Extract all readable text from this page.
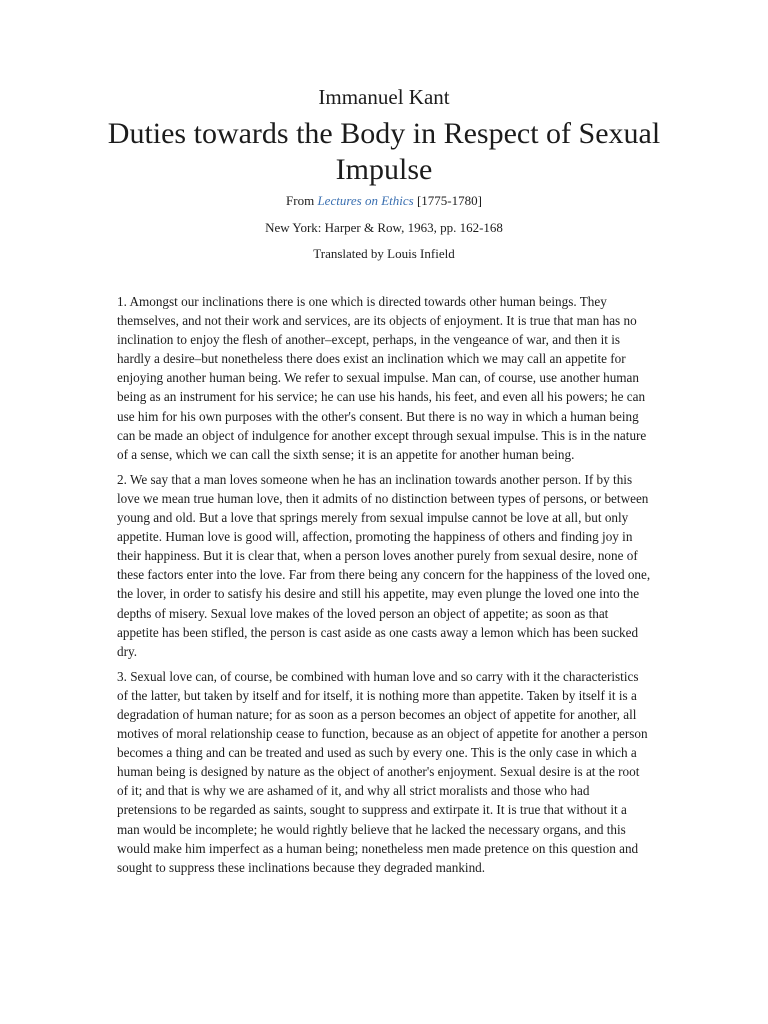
Immanuel Kant
Duties towards the Body in Respect of Sexual Impulse
From Lectures on Ethics [1775-1780]
New York: Harper & Row, 1963, pp. 162-168
Translated by Louis Infield

1. Amongst our inclinations there is one which is directed towards other human beings. They themselves, and not their work and services, are its objects of enjoyment. It is true that man has no inclination to enjoy the flesh of another–except, perhaps, in the vengeance of war, and then it is hardly a desire–but nonetheless there does exist an inclination which we may call an appetite for enjoying another human being. We refer to sexual impulse. Man can, of course, use another human being as an instrument for his service; he can use his hands, his feet, and even all his powers; he can use him for his own purposes with the other's consent. But there is no way in which a human being can be made an object of indulgence for another except through sexual impulse. This is in the nature of a sense, which we can call the sixth sense; it is an appetite for another human being.

2. We say that a man loves someone when he has an inclination towards another person. If by this love we mean true human love, then it admits of no distinction between types of persons, or between young and old. But a love that springs merely from sexual impulse cannot be love at all, but only appetite. Human love is good will, affection, promoting the happiness of others and finding joy in their happiness. But it is clear that, when a person loves another purely from sexual desire, none of these factors enter into the love. Far from there being any concern for the happiness of the loved one, the lover, in order to satisfy his desire and still his appetite, may even plunge the loved one into the depths of misery. Sexual love makes of the loved person an object of appetite; as soon as that appetite has been stifled, the person is cast aside as one casts away a lemon which has been sucked dry.

3. Sexual love can, of course, be combined with human love and so carry with it the characteristics of the latter, but taken by itself and for itself, it is nothing more than appetite. Taken by itself it is a degradation of human nature; for as soon as a person becomes an object of appetite for another, all motives of moral relationship cease to function, because as an object of appetite for another a person becomes a thing and can be treated and used as such by every one. This is the only case in which a human being is designed by nature as the object of another's enjoyment. Sexual desire is at the root of it; and that is why we are ashamed of it, and why all strict moralists and those who had pretensions to be regarded as saints, sought to suppress and extirpate it. It is true that without it a man would be incomplete; he would rightly believe that he lacked the necessary organs, and this would make him imperfect as a human being; nonetheless men made pretence on this question and sought to suppress these inclinations because they degraded mankind.
